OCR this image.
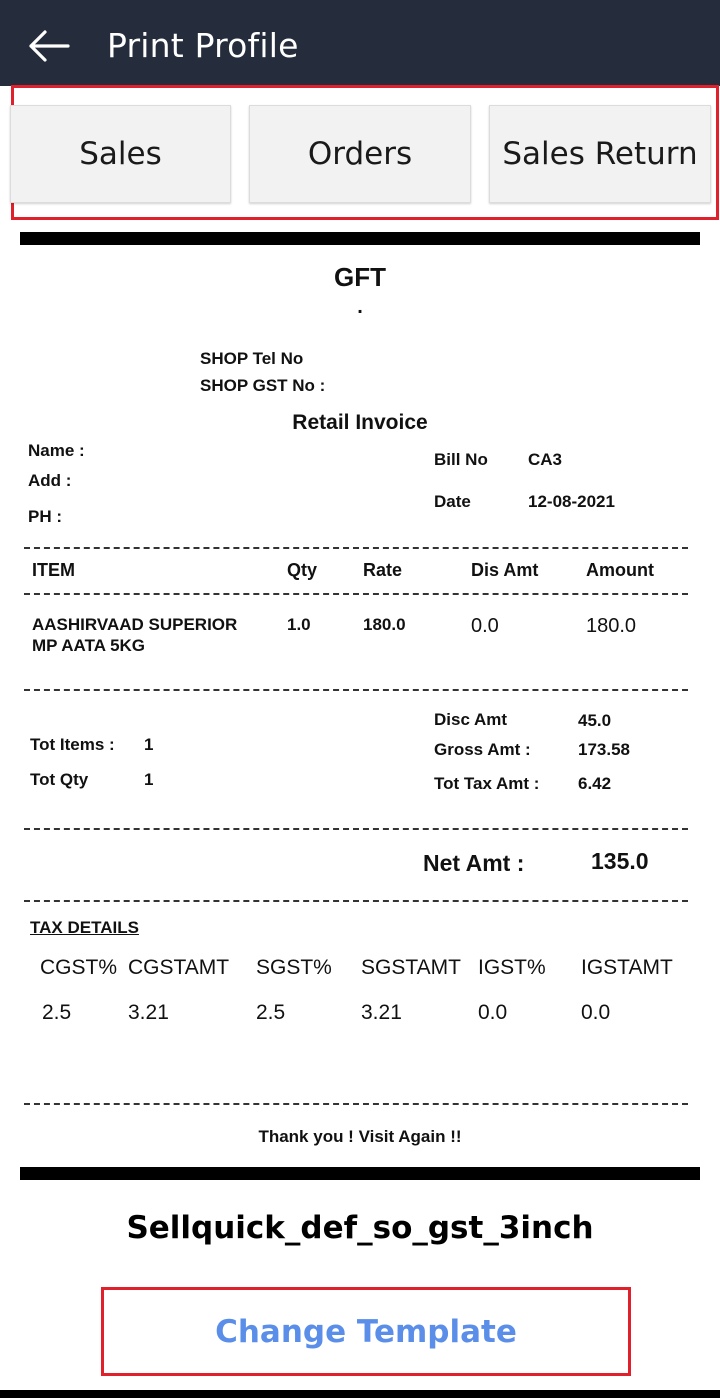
Print Profile
Sales	Orders	Sales Return
GFT
.
SHOP Tel No
SHOP GST No :
Retail Invoice
Name :
Add :
PH :
Bill No CA3
Date	12-08-2021
ITEM	Qty	Rate	Dis Amt	Amount
AASHIRVAAD SUPERIOR
MP AATA 5KG
1.0	180.0	0.0	180.0
Disc Amt	45.0
Tot Items : 1	Gross Amt :	173.58
Tot Qty	1	Tot Tax Amt : 6.42
Net Amt :	135.0
TAX DETAILS
CGST% CGSTAMT SGST% SGSTAMT IGST% IGSTAMT
2.5	3.21	2.5	3.21	0.0	0.0
Thank you ! Visit Again !!
Sellquick_def_so_gst_3inch
Change Template
